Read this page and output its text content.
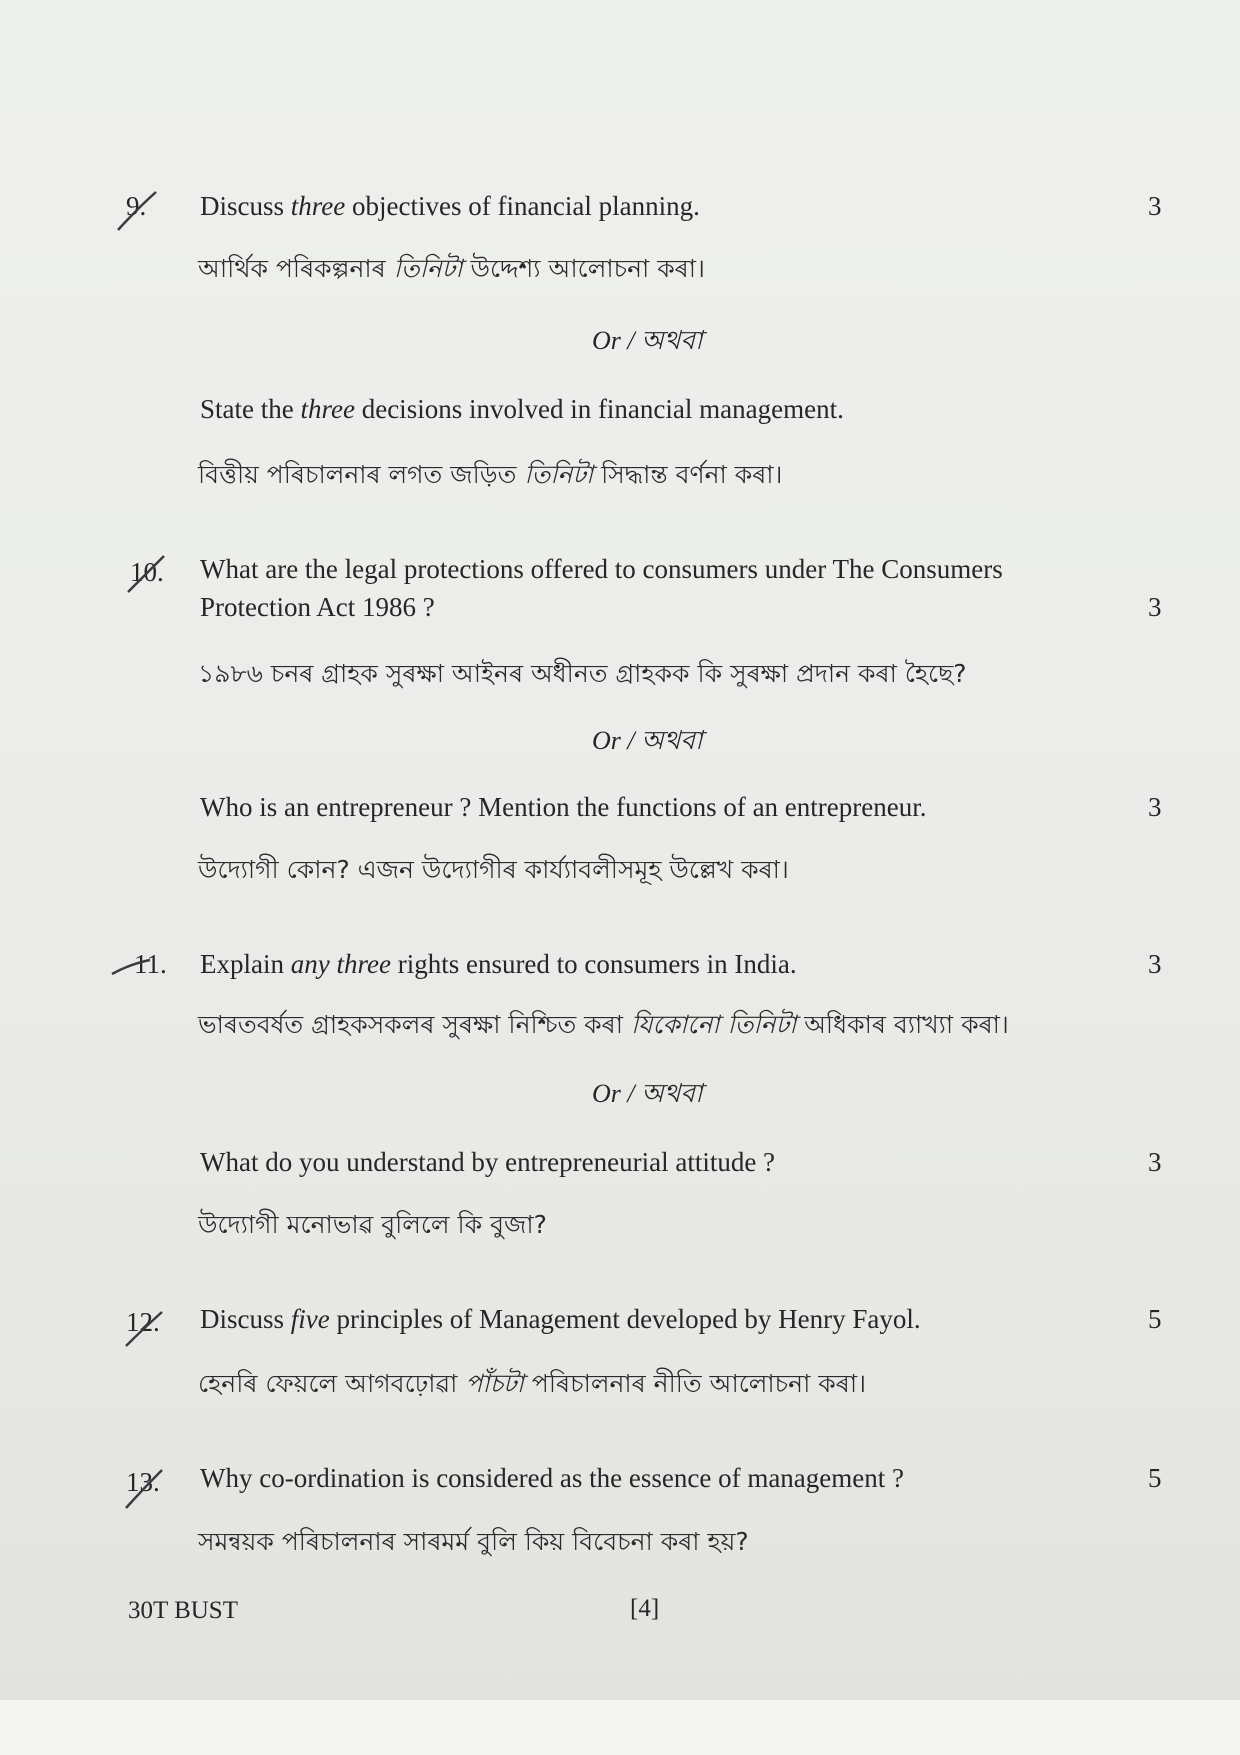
9. Discuss three objectives of financial planning.	3
আৰ্থিক পৰিকল্পনাৰ তিনিটা উদ্দেশ্য আলোচনা কৰা।
Or / অথবা
State the three decisions involved in financial management.
বিত্তীয় পৰিচালনাৰ লগত জড়িত তিনিটা সিদ্ধান্ত বৰ্ণনা কৰা।
10. What are the legal protections offered to consumers under The Consumers
Protection Act 1986 ?	3
১৯৮৬ চনৰ গ্ৰাহক সুৰক্ষা আইনৰ অধীনত গ্ৰাহকক কি সুৰক্ষা প্ৰদান কৰা হৈছে?
Or / অথবা
Who is an entrepreneur ? Mention the functions of an entrepreneur.	3
উদ্যোগী কোন? এজন উদ্যোগীৰ কাৰ্য্যাবলীসমূহ উল্লেখ কৰা।
11. Explain any three rights ensured to consumers in India.	3
ভাৰতবৰ্ষত গ্ৰাহকসকলৰ সুৰক্ষা নিশ্চিত কৰা যিকোনো তিনিটা অধিকাৰ ব্যাখ্যা কৰা।
Or / অথবা
What do you understand by entrepreneurial attitude ?	3
উদ্যোগী মনোভাৱ বুলিলে কি বুজা?
12. Discuss five principles of Management developed by Henry Fayol.	5
হেনৰি ফেয়লে আগবঢ়োৱা পাঁচটা পৰিচালনাৰ নীতি আলোচনা কৰা।
13. Why co-ordination is considered as the essence of management ?	5
সমন্বয়ক পৰিচালনাৰ সাৰমৰ্ম বুলি কিয় বিবেচনা কৰা হয়?
30T BUST	[4]
